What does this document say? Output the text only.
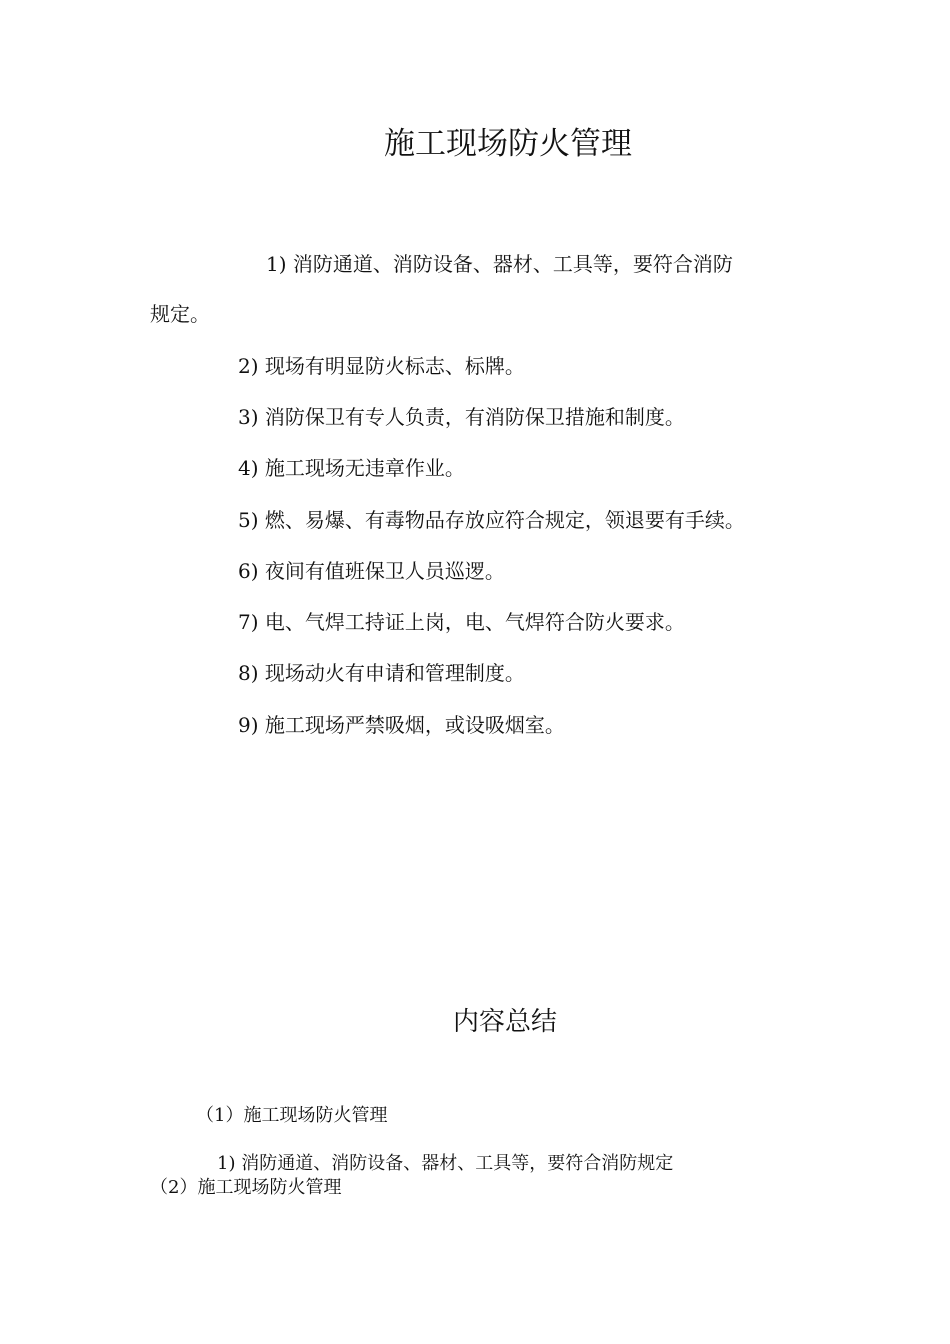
施工现场防火管理
1) 消防通道、消防设备、器材、工具等，要符合消防
规定。
2) 现场有明显防火标志、标牌。
3) 消防保卫有专人负责，有消防保卫措施和制度。
4) 施工现场无违章作业。
5) 燃、易爆、有毒物品存放应符合规定，领退要有手续。
6) 夜间有值班保卫人员巡逻。
7) 电、气焊工持证上岗，电、气焊符合防火要求。
8) 现场动火有申请和管理制度。
9) 施工现场严禁吸烟，或设吸烟室。
内容总结
（1）施工现场防火管理
1) 消防通道、消防设备、器材、工具等，要符合消防规定
（2）施工现场防火管理
